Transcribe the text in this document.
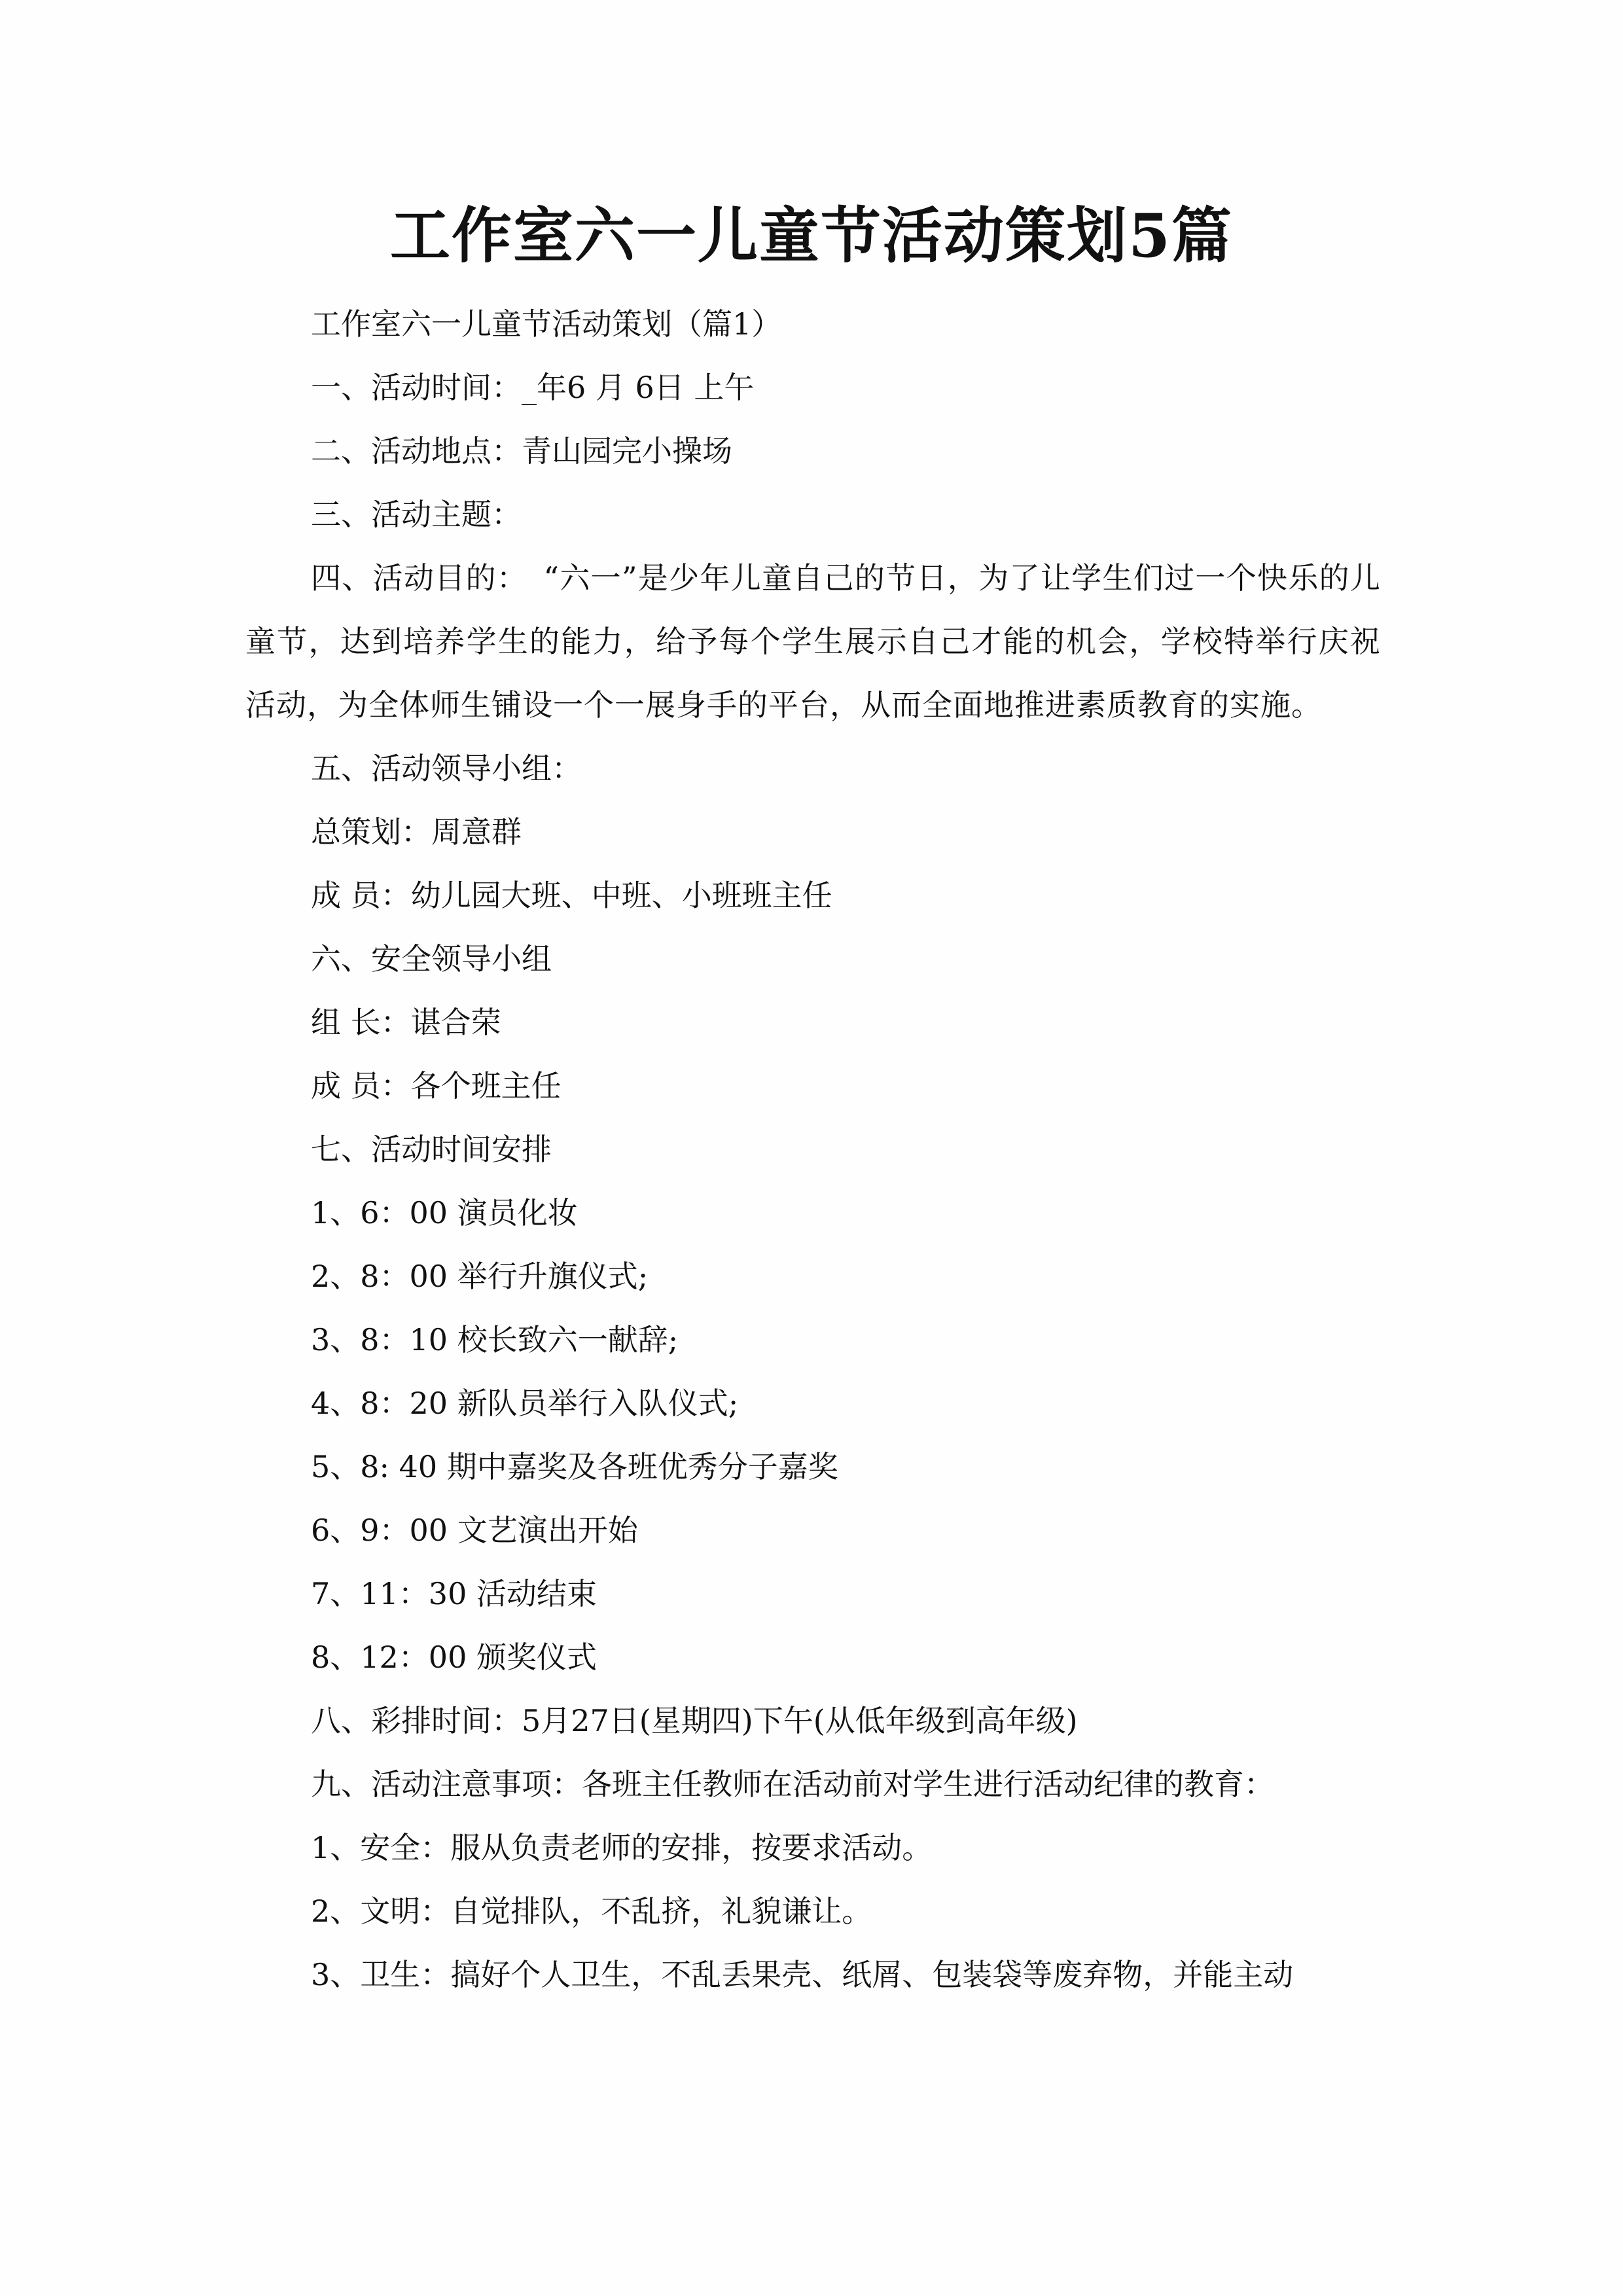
工作室六一儿童节活动策划5篇
工作室六一儿童节活动策划（篇1）
一、活动时间：_年6 月 6日 上午
二、活动地点：青山园完小操场
三、活动主题：
四、活动目的：　“六一”是少年儿童自己的节日，为了让学生们过一个快乐的儿童节，达到培养学生的能力，给予每个学生展示自己才能的机会，学校特举行庆祝活动，为全体师生铺设一个一展身手的平台，从而全面地推进素质教育的实施。
五、活动领导小组：
总策划：周意群
成 员：幼儿园大班、中班、小班班主任
六、安全领导小组
组 长：谌合荣
成 员：各个班主任
七、活动时间安排
1、6：00 演员化妆
2、8：00 举行升旗仪式;
3、8：10 校长致六一献辞;
4、8：20 新队员举行入队仪式;
5、8: 40 期中嘉奖及各班优秀分子嘉奖
6、9：00 文艺演出开始
7、11：30 活动结束
8、12：00 颁奖仪式
八、彩排时间：5月27日(星期四)下午(从低年级到高年级)
九、活动注意事项：各班主任教师在活动前对学生进行活动纪律的教育：
1、安全：服从负责老师的安排，按要求活动。
2、文明：自觉排队，不乱挤，礼貌谦让。
3、卫生：搞好个人卫生，不乱丢果壳、纸屑、包装袋等废弃物，并能主动
